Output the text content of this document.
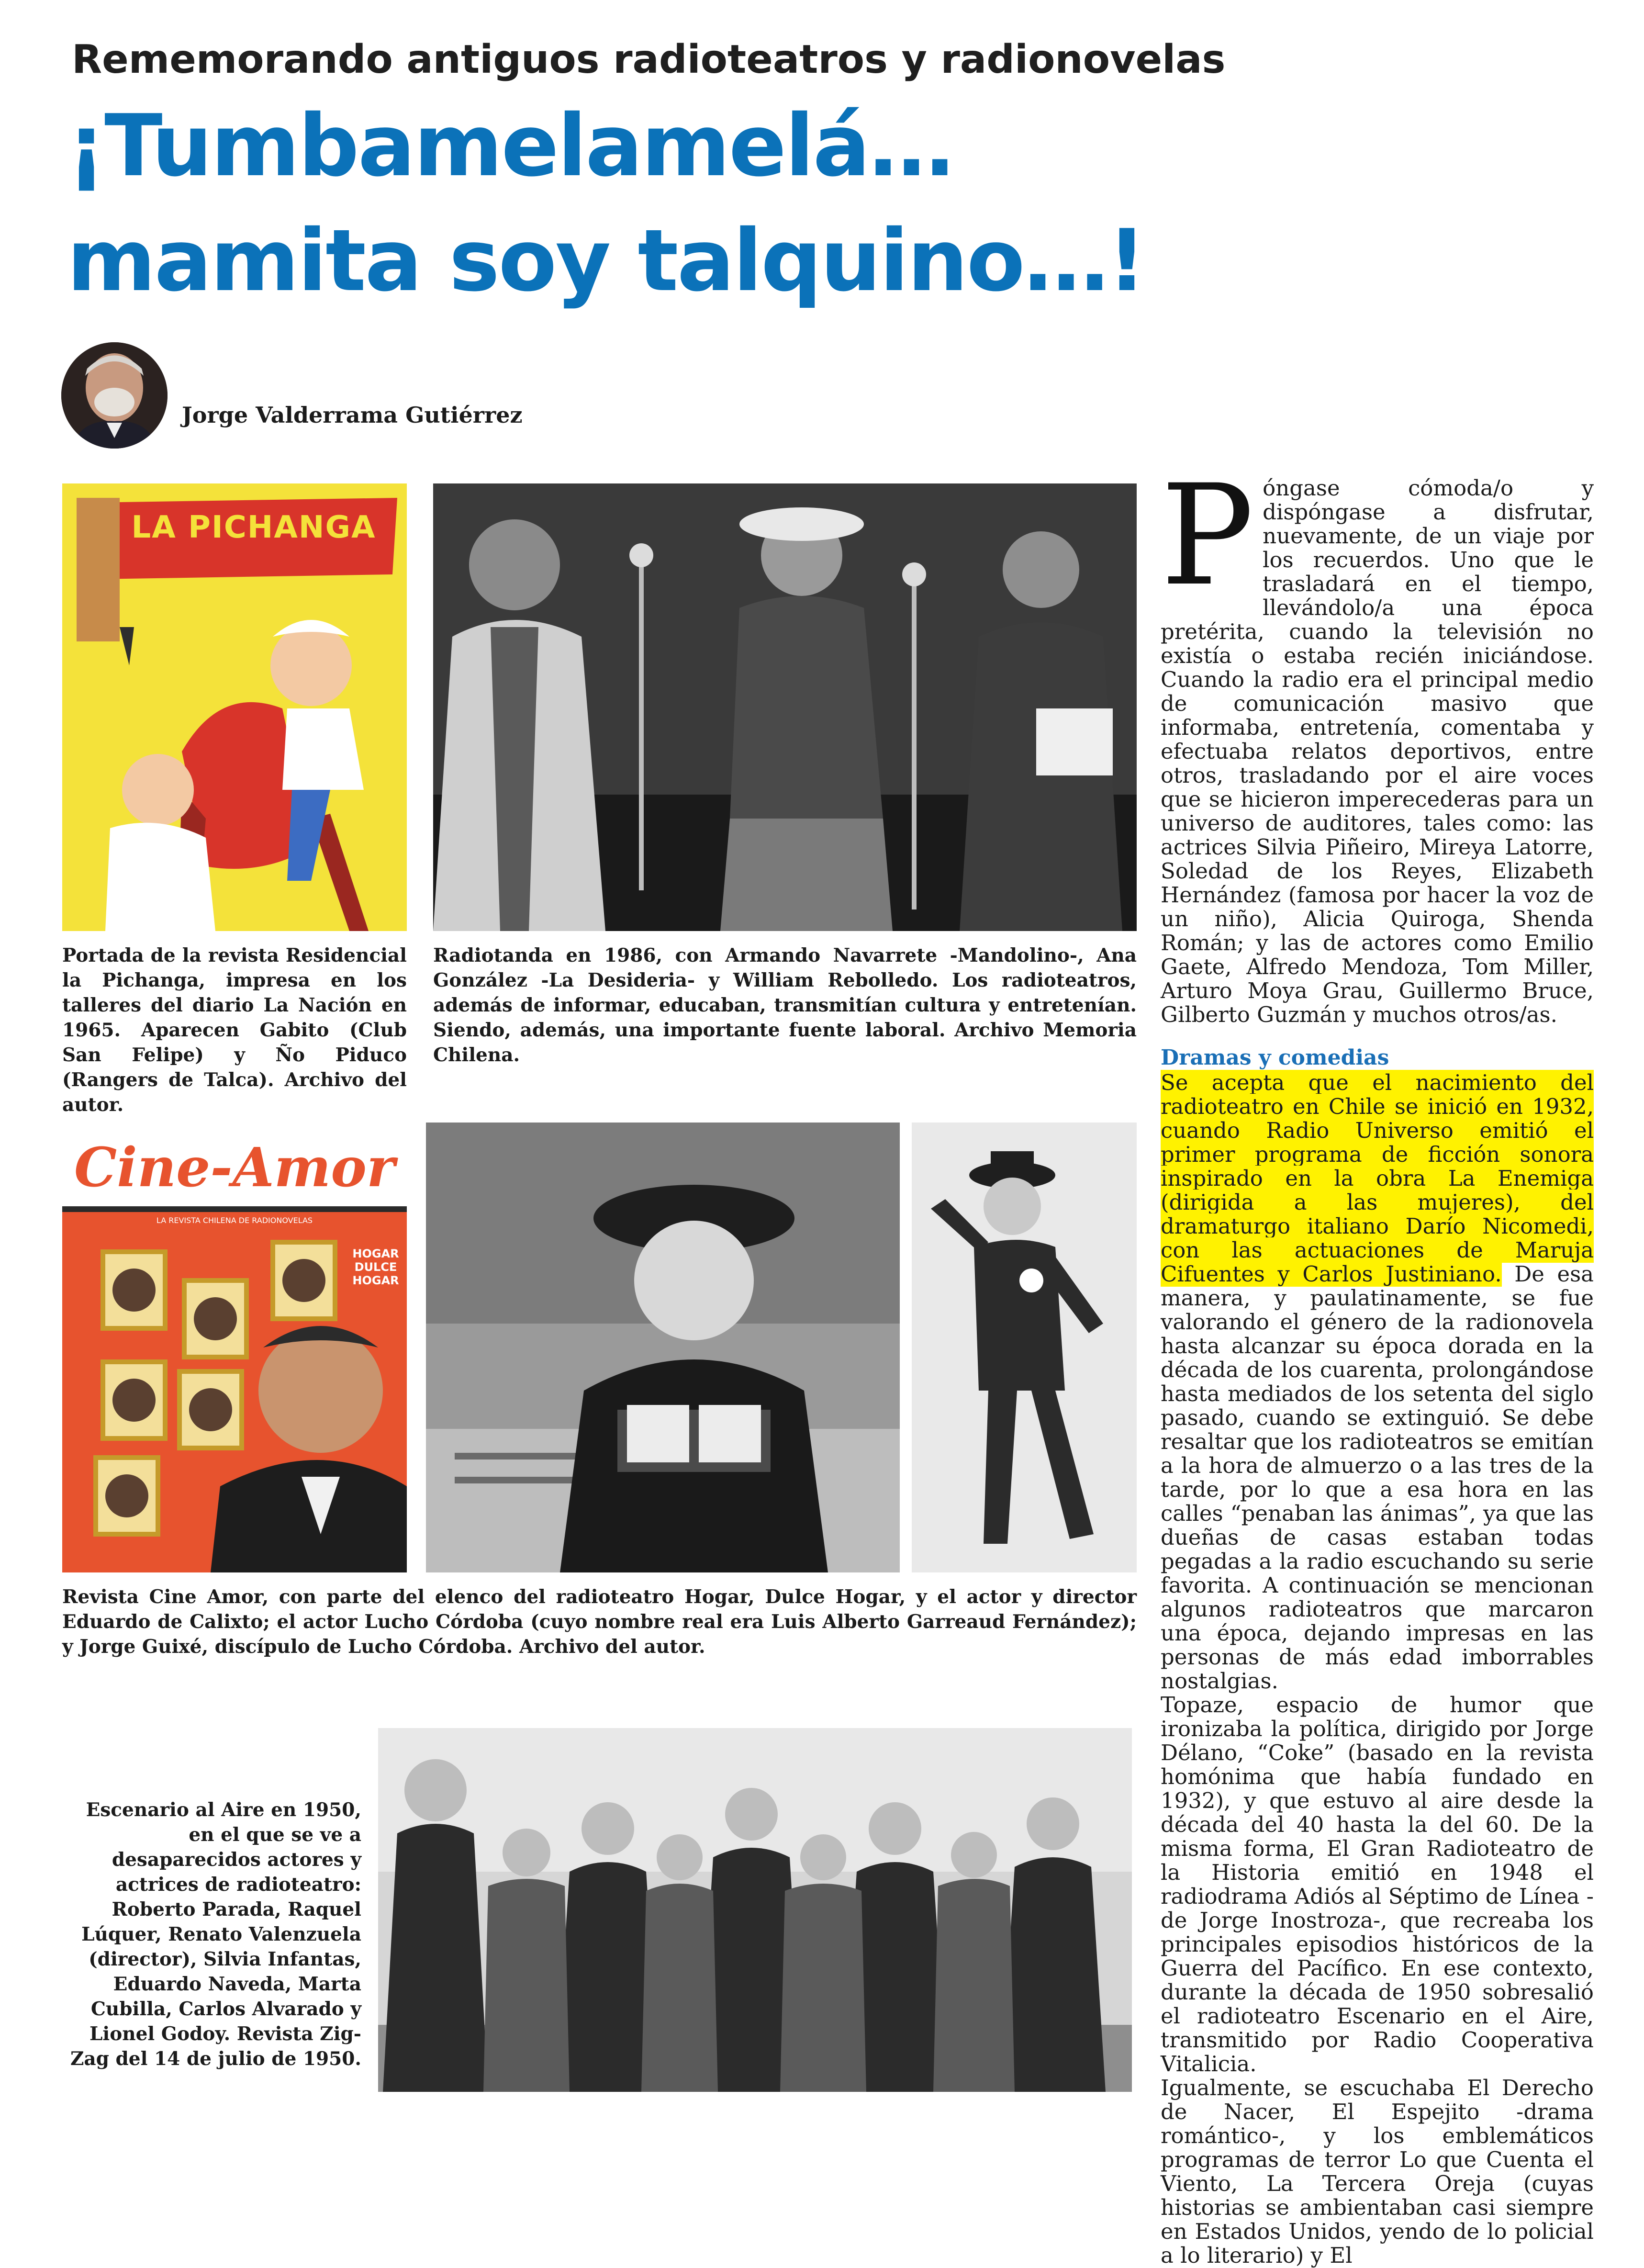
Rememorando antiguos radioteatros y radionovelas
¡Tumbamelamelá…
mamita soy talquino…!
Jorge Valderrama Gutiérrez
LA PICHANGA
Portada de la revista Residencial la Pichanga, impresa en los talleres del diario La Nación en 1965. Aparecen Gabito (Club San Felipe) y Ño Piduco (Rangers de Talca). Archivo del autor.
Radiotanda en 1986, con Armando Navarrete -Mandolino-, Ana González -La Desideria- y William Rebolledo. Los radioteatros, además de informar, educaban, transmitían cultura y entretenían. Siendo, además, una importante fuente laboral. Archivo Memoria Chilena.
Cine-Amor
LA REVISTA CHILENA DE RADIONOVELAS
HOGAR DULCE HOGAR
Revista Cine Amor, con parte del elenco del radioteatro Hogar, Dulce Hogar, y el actor y director Eduardo de Calixto; el actor Lucho Córdoba (cuyo nombre real era Luis Alberto Garreaud Fernández); y Jorge Guixé, discípulo de Lucho Córdoba. Archivo del autor.
Escenario al Aire en 1950, en el que se ve a desaparecidos actores y actrices de radioteatro: Roberto Parada, Raquel Lúquer, Renato Valenzuela (director), Silvia Infantas, Eduardo Naveda, Marta Cubilla, Carlos Alvarado y Lionel Godoy. Revista Zig-Zag del 14 de julio de 1950.

Póngase cómoda/o y dispóngase a disfrutar, nuevamente, de un viaje por los recuerdos. Uno que le trasladará en el tiempo, llevándolo/a una época pretérita, cuando la televisión no existía o estaba recién iniciándose. Cuando la radio era el principal medio de comunicación masivo que informaba, entretenía, comentaba y efectuaba relatos deportivos, entre otros, trasladando por el aire voces que se hicieron imperecederas para un universo de auditores, tales como: las actrices Silvia Piñeiro, Mireya Latorre, Soledad de los Reyes, Elizabeth Hernández (famosa por hacer la voz de un niño), Alicia Quiroga, Shenda Román; y las de actores como Emilio Gaete, Alfredo Mendoza, Tom Miller, Arturo Moya Grau, Guillermo Bruce, Gilberto Guzmán y muchos otros/as.

Dramas y comedias

Se acepta que el nacimiento del radioteatro en Chile se inició en 1932, cuando Radio Universo emitió el primer programa de ficción sonora inspirado en la obra La Enemiga (dirigida a las mujeres), del dramaturgo italiano Darío Nicomedi, con las actuaciones de Maruja Cifuentes y Carlos Justiniano. De esa manera, y paulatinamente, se fue valorando el género de la radionovela hasta alcanzar su época dorada en la década de los cuarenta, prolongándose hasta mediados de los setenta del siglo pasado, cuando se extinguió. Se debe resaltar que los radioteatros se emitían a la hora de almuerzo o a las tres de la tarde, por lo que a esa hora en las calles “penaban las ánimas”, ya que las dueñas de casas estaban todas pegadas a la radio escuchando su serie favorita. A continuación se mencionan algunos radioteatros que marcaron una época, dejando impresas en las personas de más edad imborrables nostalgias.

Topaze, espacio de humor que ironizaba la política, dirigido por Jorge Délano, “Coke” (basado en la revista homónima que había fundado en 1932), y que estuvo al aire desde la década del 40 hasta la del 60. De la misma forma, El Gran Radioteatro de la Historia emitió en 1948 el radiodrama Adiós al Séptimo de Línea -de Jorge Inostroza-, que recreaba los principales episodios históricos de la Guerra del Pacífico. En ese contexto, durante la década de 1950 sobresalió el radioteatro Escenario en el Aire, transmitido por Radio Cooperativa Vitalicia.

Igualmente, se escuchaba El Derecho de Nacer, El Espejito -drama romántico-, y los emblemáticos programas de terror Lo que Cuenta el Viento, La Tercera Oreja (cuyas historias se ambientaban casi siempre en Estados Unidos, yendo de lo policial a lo literario) y El
